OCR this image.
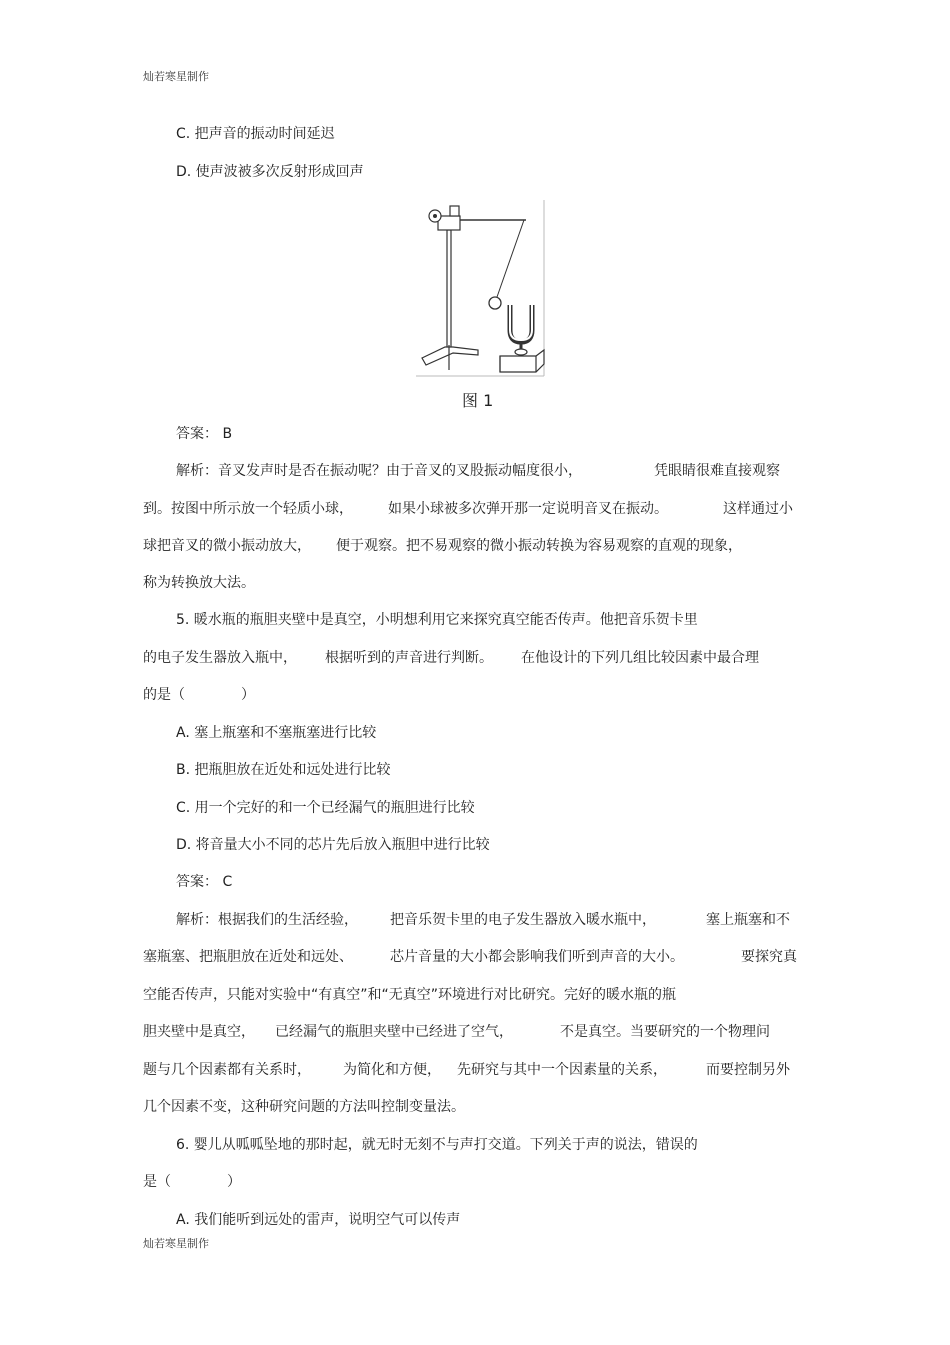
灿若寒星制作
C. 把声音的振动时间延迟
D. 使声波被多次反射形成回声
图 1
答案： B
解析：音叉发声时是否在振动呢？由于音叉的叉股振动幅度很小，	凭眼睛很难直接观察
到。按图中所示放一个轻质小球，	如果小球被多次弹开那一定说明音叉在振动。	这样通过小
球把音叉的微小振动放大， 便于观察。把不易观察的微小振动转换为容易观察的直观的现象，
称为转换放大法。
5. 暖水瓶的瓶胆夹壁中是真空，小明想利用它来探究真空能否传声。他把音乐贺卡里
的电子发生器放入瓶中， 根据听到的声音进行判断。 在他设计的下列几组比较因素中最合理
的是（　　　　）
A. 塞上瓶塞和不塞瓶塞进行比较
B. 把瓶胆放在近处和远处进行比较
C. 用一个完好的和一个已经漏气的瓶胆进行比较
D. 将音量大小不同的芯片先后放入瓶胆中进行比较
答案： C
解析：根据我们的生活经验， 把音乐贺卡里的电子发生器放入暖水瓶中，	塞上瓶塞和不
塞瓶塞、把瓶胆放在近处和远处、	芯片音量的大小都会影响我们听到声音的大小。	要探究真
空能否传声，只能对实验中“有真空”和“无真空”环境进行对比研究。完好的暖水瓶的瓶
胆夹壁中是真空， 已经漏气的瓶胆夹壁中已经进了空气，	不是真空。当要研究的一个物理问
题与几个因素都有关系时， 为简化和方便， 先研究与其中一个因素量的关系，	而要控制另外
几个因素不变，这种研究问题的方法叫控制变量法。
6. 婴儿从呱呱坠地的那时起，就无时无刻不与声打交道。下列关于声的说法，错误的
是（　　　　）
A. 我们能听到远处的雷声，说明空气可以传声
灿若寒星制作
